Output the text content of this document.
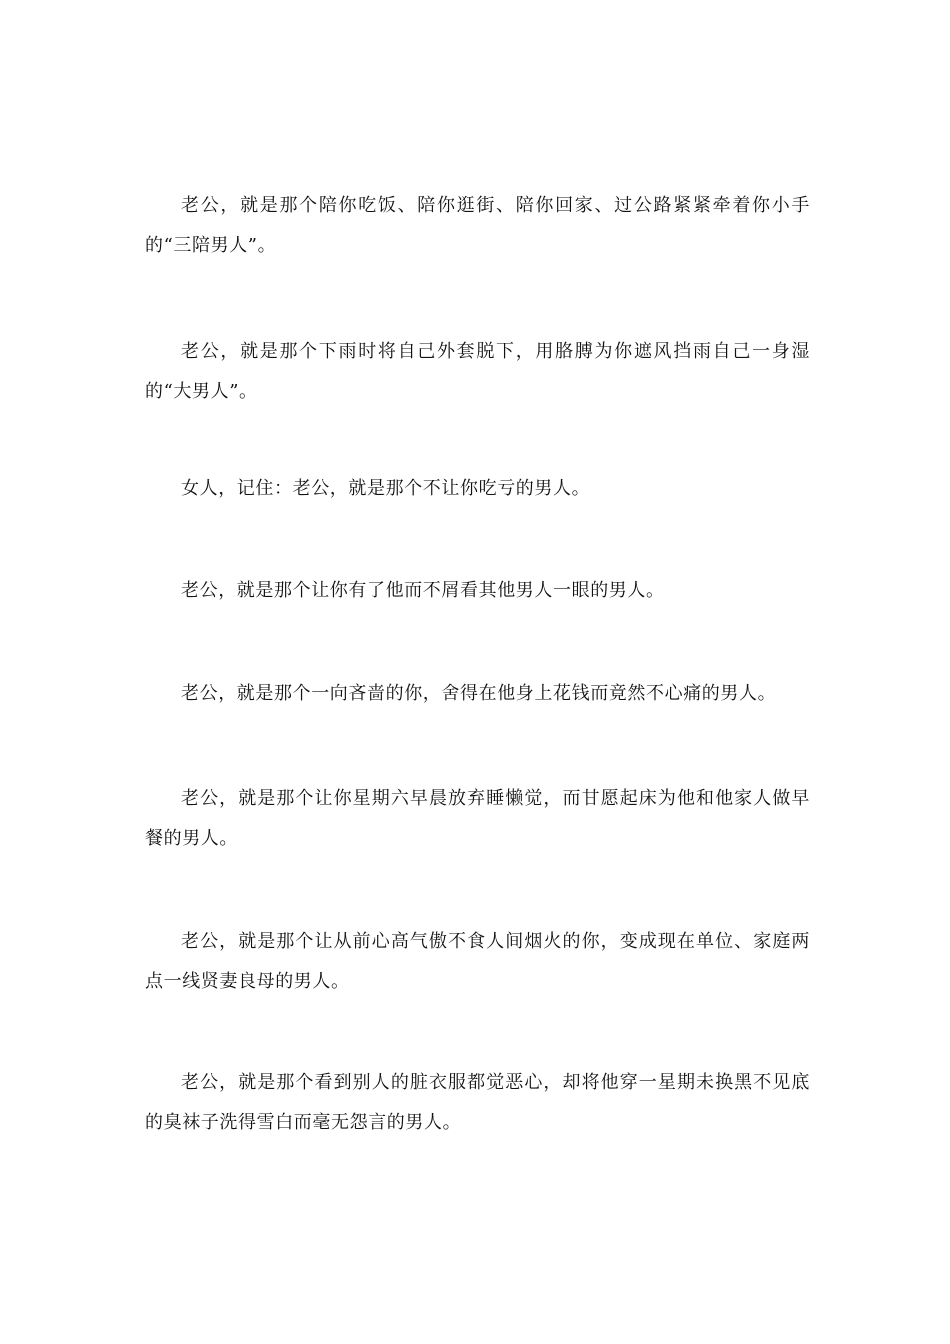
老公，就是那个陪你吃饭、陪你逛街、陪你回家、过公路紧紧牵着你小手的“三陪男人”。

老公，就是那个下雨时将自己外套脱下，用胳膊为你遮风挡雨自己一身湿的“大男人”。

女人，记住：老公，就是那个不让你吃亏的男人。

老公，就是那个让你有了他而不屑看其他男人一眼的男人。

老公，就是那个一向吝啬的你，舍得在他身上花钱而竟然不心痛的男人。

老公，就是那个让你星期六早晨放弃睡懒觉，而甘愿起床为他和他家人做早餐的男人。

老公，就是那个让从前心高气傲不食人间烟火的你，变成现在单位、家庭两点一线贤妻良母的男人。

老公，就是那个看到别人的脏衣服都觉恶心，却将他穿一星期未换黑不见底的臭袜子洗得雪白而毫无怨言的男人。
